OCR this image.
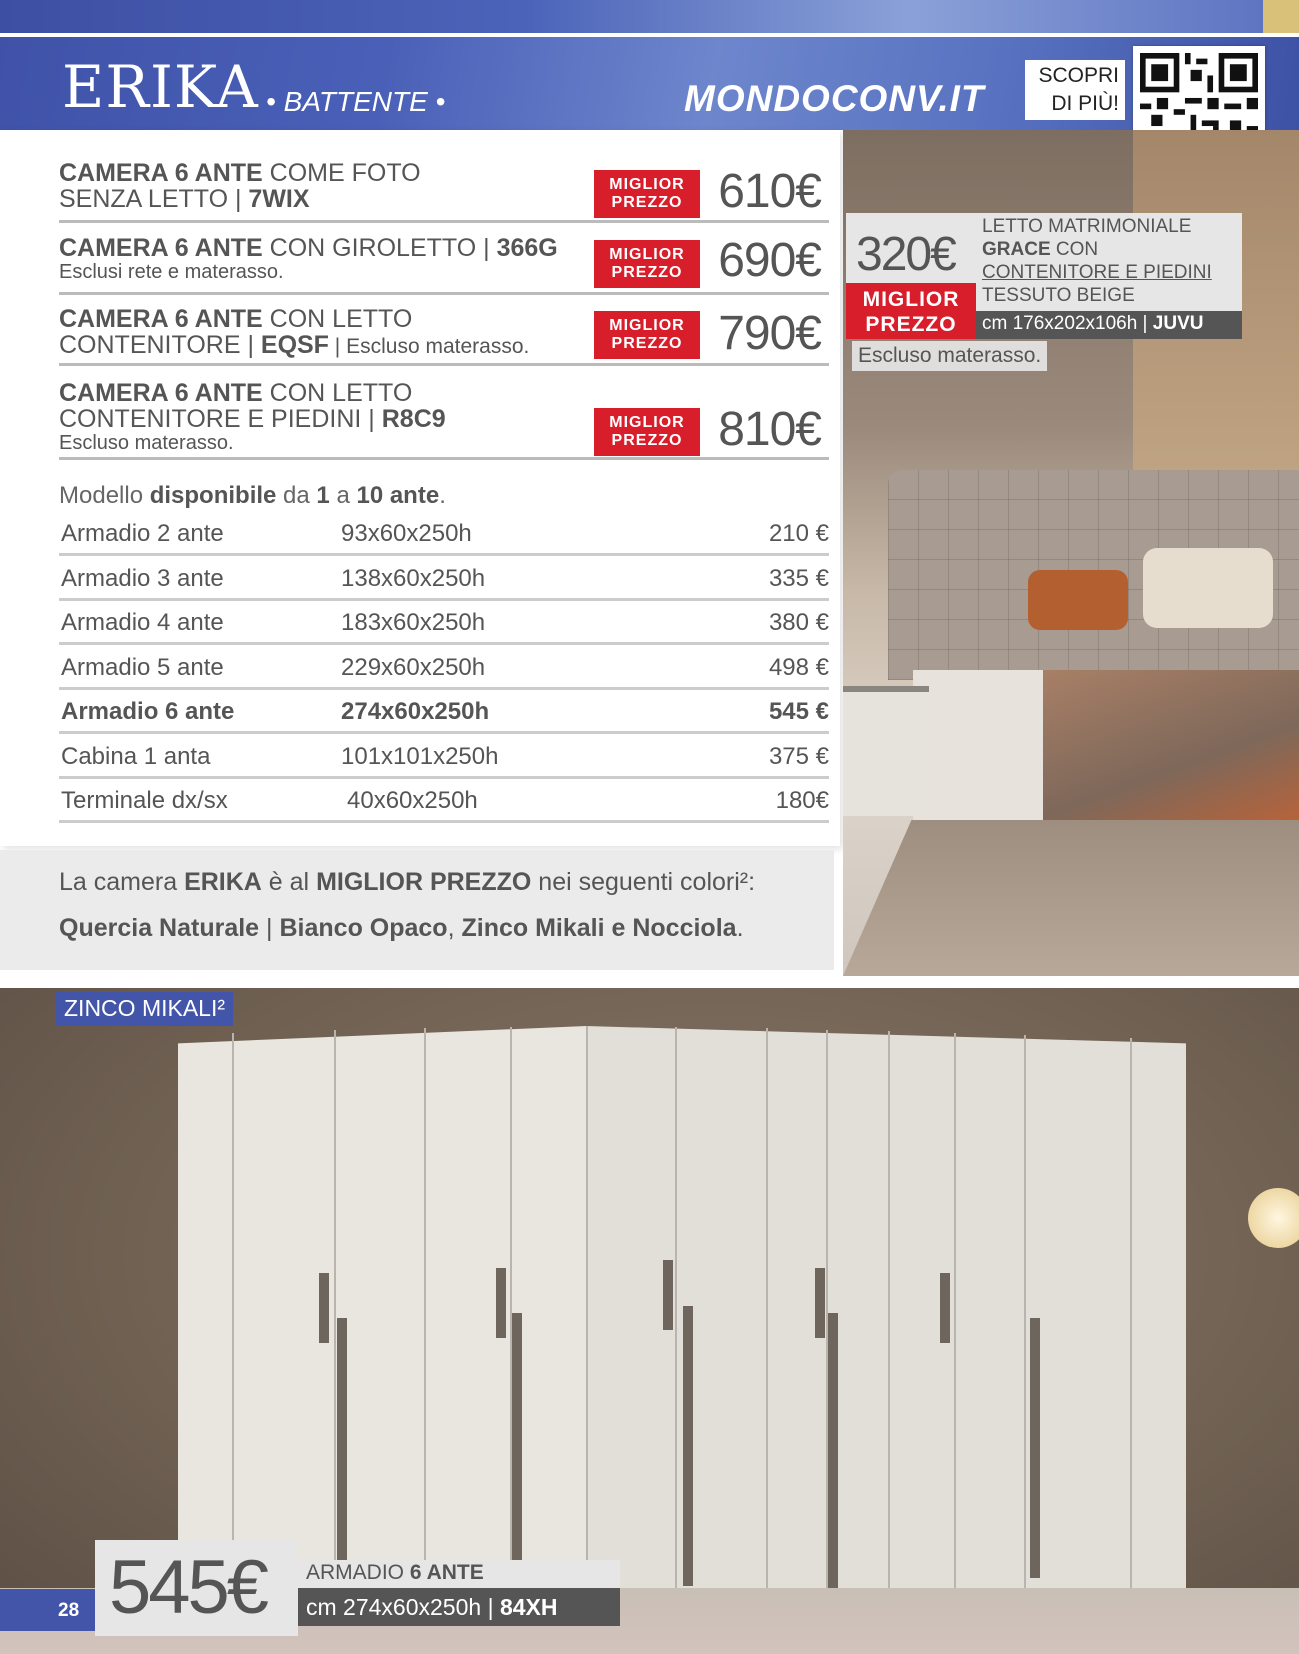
ERIKA • BATTENTE •	MONDOCONV.IT
SCOPRI
DI PIÙ!
CAMERA 6 ANTE COME FOTO
SENZA LETTO | 7WIX
MIGLIOR PREZZO 610€
CAMERA 6 ANTE CON GIROLETTO | 366G
Esclusi rete e materasso.
MIGLIOR PREZZO 690€
CAMERA 6 ANTE CON LETTO
CONTENITORE | EQSF | Escluso materasso.
MIGLIOR PREZZO 790€
CAMERA 6 ANTE CON LETTO
CONTENITORE E PIEDINI | R8C9
Escluso materasso.
MIGLIOR PREZZO 810€
Modello disponibile da 1 a 10 ante.
Armadio 2 ante	93x60x250h	210 €
Armadio 3 ante	138x60x250h	335 €
Armadio 4 ante	183x60x250h	380 €
Armadio 5 ante	229x60x250h	498 €
Armadio 6 ante	274x60x250h	545 €
Cabina 1 anta	101x101x250h	375 €
Terminale dx/sx	40x60x250h	180€
La camera ERIKA è al MIGLIOR PREZZO nei seguenti colori²:
Quercia Naturale | Bianco Opaco, Zinco Mikali e Nocciola.
320€
MIGLIOR
PREZZO
LETTO MATRIMONIALE
GRACE CON
CONTENITORE E PIEDINI
TESSUTO BEIGE
cm 176x202x106h | JUVU
Escluso materasso.
ZINCO MIKALI²
28 545€	ARMADIO 6 ANTE
cm 274x60x250h | 84XH
